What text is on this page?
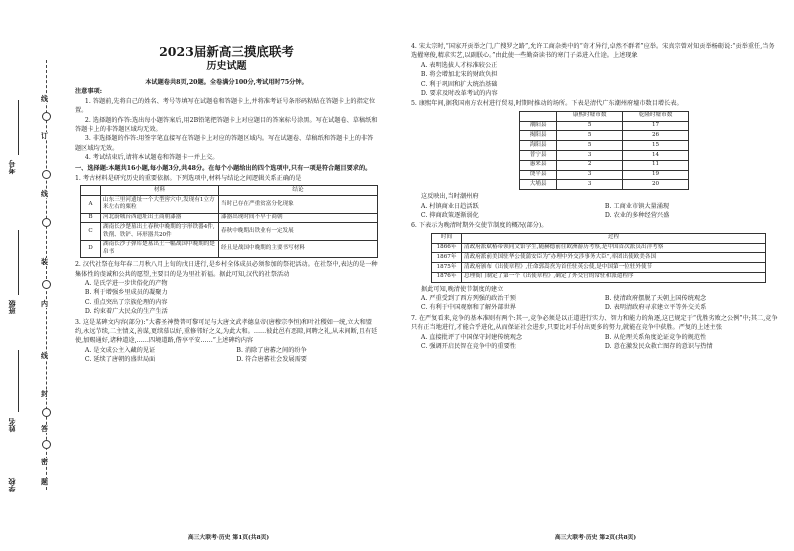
线
订
线
装
内
线
封
答
密
题
考号
班级
姓名
学校
2023届新高三摸底联考
历史试题
本试题卷共8页,20题。全卷满分100分,考试用时75分钟。
注意事项:
1. 答题前,先将自己的姓名、考号等填写在试题卷和答题卡上,并将准考证号条形码粘贴在答题卡上的指定位置。
2. 选择题的作答:选出每小题答案后,用2B铅笔把答题卡上对应题目的答案标号涂黑。写在试题卷、草稿纸和答题卡上的非答题区域均无效。
3. 非选择题的作答:用签字笔直接写在答题卡上对应的答题区域内。写在试题卷、草稿纸和答题卡上的非答题区域均无效。
4. 考试结束后,请将本试题卷和答题卡一并上交。
一、选择题:本题共16小题,每小题3分,共48分。在每个小题给出的四个选项中,只有一项是符合题目要求的。
1. 考古材料是研究历史的重要依据。下列选项中,材料与结论之间逻辑关系正确的是
	材料	结论
A	山东三里河遗址一个大型窖穴中,发现有1立方米左右的粟粒	当时已存在严重贫富分化现象
B	河北蔚城台西遗址出土商朝漆器	漆器出现时间不早于商朝
C	湖南长沙楚墓出土春秋中晚期的字形铁器4件,铁削、铁铲、环形器共20件	春秋中晚期出铁业有一定发展
D	湖南长沙子弹库楚墓出土一幅战国中晚期的楚帛书	经且是战国中晚期的主要书写材料
2. 汉代社祭在每年春二月秋八月上旬的戊日进行,是乡村全体成员必须参加的祭祀活动。在社祭中,表达的是一种集体性的虔诚和公共的愿望,主要目的是为里社祈福。据此可知,汉代的社祭活动
A. 是氏学进一步世俗化的产物
B. 利于增强乡里成员的凝聚力
C. 重点突出了宗族伦理的内容
D. 约束着广大民众的生产生活
3. 这是某碑文内容(部分):“大蕃圣神赞普可黎可足与大唐文武孝德皇帝(唐穆宗李恒)和叶社稷如一统,立大和盟约,永远节续,二主情义,善谋,更续慕以好,重修邻好之义,为此大和。……彼此邑有恶隙,问聘之礼,从未间断,且有廷使,加赐通好,诸种道途,……四境道路,偕享平安……”上述碑约内容
A. 是文成公主入藏的见证	B. 消除了唐蕃之间的纷争
C. 延续了唐朝的盛世局面	D. 符合唐蕃社会发展需要
高三大联考·历史 第1页(共8页)
4. 宋太宗时,“国家开贡举之门,广搜罗之路”,允许工商杂类中的“奇才异行,卓然不群者”应举。宋真宗曾对知贡举杨砺说:“贡举重任,当务选擢寒俊,精求实艺,以副朕心。”由此使一些勤奋读书的寒门子弟进入仕途。上述现象
A. 表明选拔人才标准较公正
B. 将会增加北宋的财政负担
C. 利于巩固和扩大统治基础
D. 要求及时改革考试的内容
5. 康熙年间,据我国南方农村进行贸易,时期时推动的场所。下表是清代广东潮州府墟市数目增长表。
	康熙时墟市数	乾隆时墟市数
潮阳县	5	17
揭阳县	5	26
海阳县	5	15
普宁县	3	14
惠来县	2	11
饶平县	3	19
大埔县	3	20
这反映出,当时潮州府
A. 村镇商业日趋活跃	B. 工商业市镇大量涌现
C. 抑商政策逐渐弱化	D. 农业的多种经营兴盛
6. 下表示为晚清时期外交使节制度的概况(部分)。
时间	过程
1866年	清政府派斌椿带领同文馆学生,随赫德前往欧洲游历考察,是中国首次派员出洋考察
1867年	清政府派前美国驻华公使蒲安臣为“办理中外交涉事务大臣”,率团出使欧美各国
1875年	清政府颁布《出使章程》,任命郭嵩焘为首任驻英公使,是中国第一位驻外使节
1876年	总理衙门制定了第一个《出使章程》,确定了外交官的常驻和派遣程序
据此可知,晚清使节制度的建立
A. 严重受到了西方列强的政治干预	B. 使清政府摆脱了天朝上国传统观念
C. 有利于中国观察和了解外部世界	D. 表明清政府寻求建立平等外交关系
7. 在严复看来,竞争的基本准则有两个:其一,竞争必须是以正道进行实力、智力和能力的角逐,这已规定于“优胜劣败之公例”中;其二,竞争只有正当地进行,才能合乎进化,从而保证社会进步,只要比对手付出更多的努力,就能在竞争中获胜。严复的上述主张
A. 直接批评了中国保守封建传统观念	B. 从伦理关系角度论证竞争的规范性
C. 强调开启民智在竞争中的重要性	D. 意在激发民众救亡图存的意识与热情
高三大联考·历史 第2页(共8页)
